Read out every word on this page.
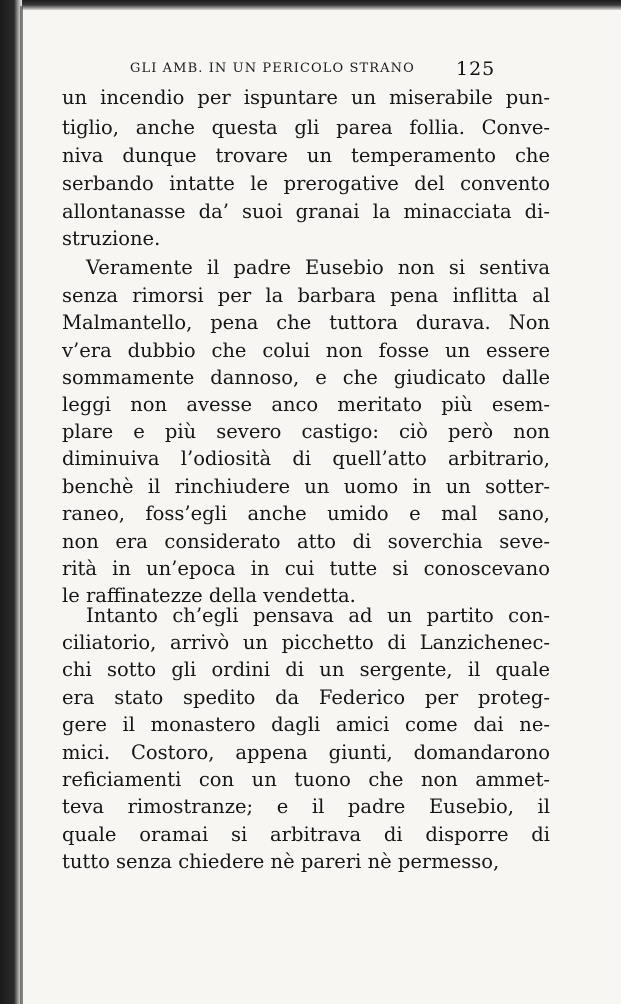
GLI AMB. IN UN PERICOLO STRANO 125
un incendio per ispuntare un miserabile pun-
tiglio, anche questa gli parea follia. Conve-
niva dunque trovare un temperamento che
serbando intatte le prerogative del convento
allontanasse da’ suoi granai la minacciata di-
struzione.
Veramente il padre Eusebio non si sentiva
senza rimorsi per la barbara pena inflitta al
Malmantello, pena che tuttora durava. Non
v’era dubbio che colui non fosse un essere
sommamente dannoso, e che giudicato dalle
leggi non avesse anco meritato più esem-
plare e più severo castigo: ciò però non
diminuiva l’odiosità di quell’atto arbitrario,
benchè il rinchiudere un uomo in un sotter-
raneo, foss’egli anche umido e mal sano,
non era considerato atto di soverchia seve-
rità in un’epoca in cui tutte si conoscevano
le raffinatezze della vendetta.
Intanto ch’egli pensava ad un partito con-
ciliatorio, arrivò un picchetto di Lanzichenec-
chi sotto gli ordini di un sergente, il quale
era stato spedito da Federico per proteg-
gere il monastero dagli amici come dai ne-
mici. Costoro, appena giunti, domandarono
reficiamenti con un tuono che non ammet-
teva rimostranze; e il padre Eusebio, il
quale oramai si arbitrava di disporre di
tutto senza chiedere nè pareri nè permesso,
